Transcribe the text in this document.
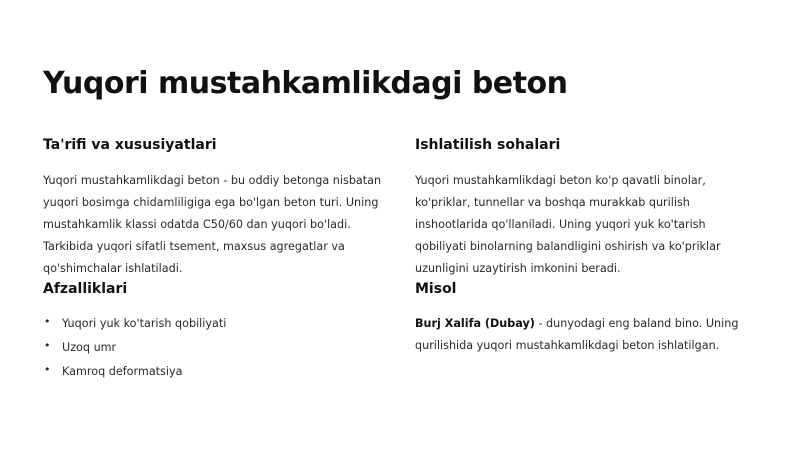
Yuqori mustahkamlikdagi beton
Ta'rifi va xususiyatlari

Yuqori mustahkamlikdagi beton - bu oddiy betonga nisbatan yuqori bosimga chidamliligiga ega bo'lgan beton turi. Uning mustahkamlik klassi odatda C50/60 dan yuqori bo'ladi. Tarkibida yuqori sifatli tsement, maxsus agregatlar va qo'shimchalar ishlatiladi.

Afzalliklari
• Yuqori yuk ko'tarish qobiliyati
• Uzoq umr
• Kamroq deformatsiya
Ishlatilish sohalari

Yuqori mustahkamlikdagi beton ko'p qavatli binolar, ko'priklar, tunnellar va boshqa murakkab qurilish inshootlarida qo'llaniladi. Uning yuqori yuk ko'tarish qobiliyati binolarning balandligini oshirish va ko'priklar uzunligini uzaytirish imkonini beradi.

Misol

Burj Xalifa (Dubay) - dunyodagi eng baland bino. Uning qurilishida yuqori mustahkamlikdagi beton ishlatilgan.
